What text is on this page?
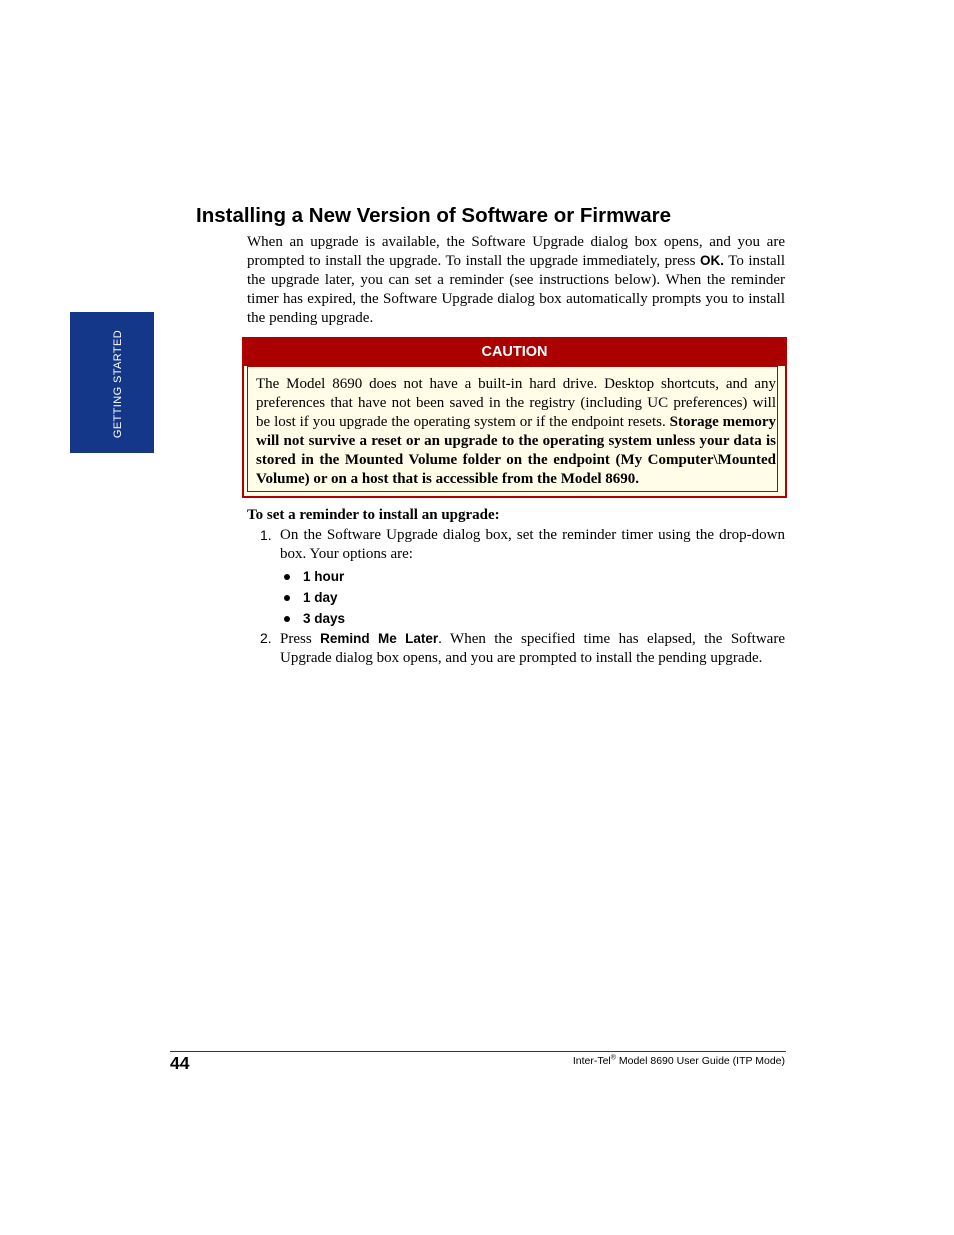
GETTING STARTED
Installing a New Version of Software or Firmware

When an upgrade is available, the Software Upgrade dialog box opens, and you are prompted to install the upgrade. To install the upgrade immediately, press OK. To install the upgrade later, you can set a reminder (see instructions below). When the reminder timer has expired, the Software Upgrade dialog box automatically prompts you to install the pending upgrade.

CAUTION

The Model 8690 does not have a built-in hard drive. Desktop shortcuts, and any preferences that have not been saved in the registry (including UC preferences) will be lost if you upgrade the operating system or if the endpoint resets. Storage memory will not survive a reset or an upgrade to the operating system unless your data is stored in the Mounted Volume folder on the endpoint (My Computer\Mounted Volume) or on a host that is accessible from the Model 8690.

To set a reminder to install an upgrade:

1. On the Software Upgrade dialog box, set the reminder timer using the drop-down box. Your options are:

1 hour
1 day
3 days
2. Press Remind Me Later. When the specified time has elapsed, the Software Upgrade dialog box opens, and you are prompted to install the pending upgrade.

44	Inter-Tel® Model 8690 User Guide (ITP Mode)
